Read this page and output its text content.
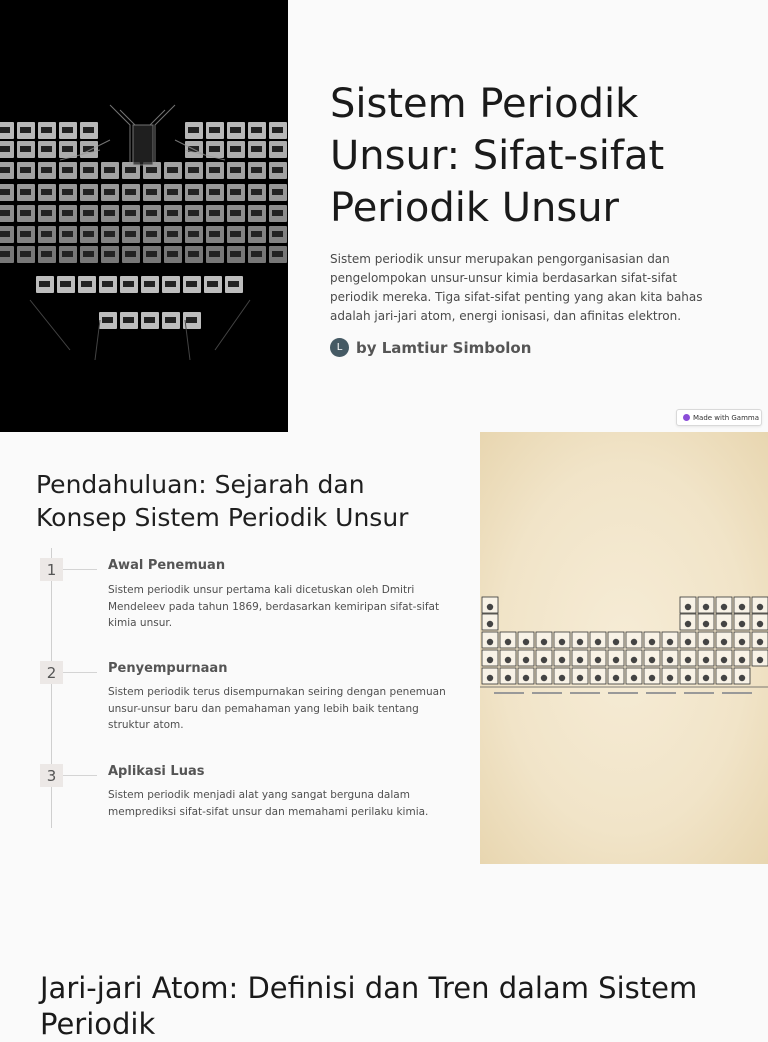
Sistem Periodik Unsur: Sifat-sifat Periodik Unsur

Sistem periodik unsur merupakan pengorganisasian dan pengelompokan unsur-unsur kimia berdasarkan sifat-sifat periodik mereka. Tiga sifat-sifat penting yang akan kita bahas adalah jari-jari atom, energi ionisasi, dan afinitas elektron.

L by Lamtiur Simbolon
Made with Gamma
Pendahuluan: Sejarah dan Konsep Sistem Periodik Unsur
1	Awal Penemuan

Sistem periodik unsur pertama kali dicetuskan oleh Dmitri Mendeleev pada tahun 1869, berdasarkan kemiripan sifat-sifat kimia unsur.

2	Penyempurnaan

Sistem periodik terus disempurnakan seiring dengan penemuan unsur-unsur baru dan pemahaman yang lebih baik tentang struktur atom.

3	Aplikasi Luas

Sistem periodik menjadi alat yang sangat berguna dalam memprediksi sifat-sifat unsur dan memahami perilaku kimia.

Jari-jari Atom: Definisi dan Tren dalam Sistem Periodik
